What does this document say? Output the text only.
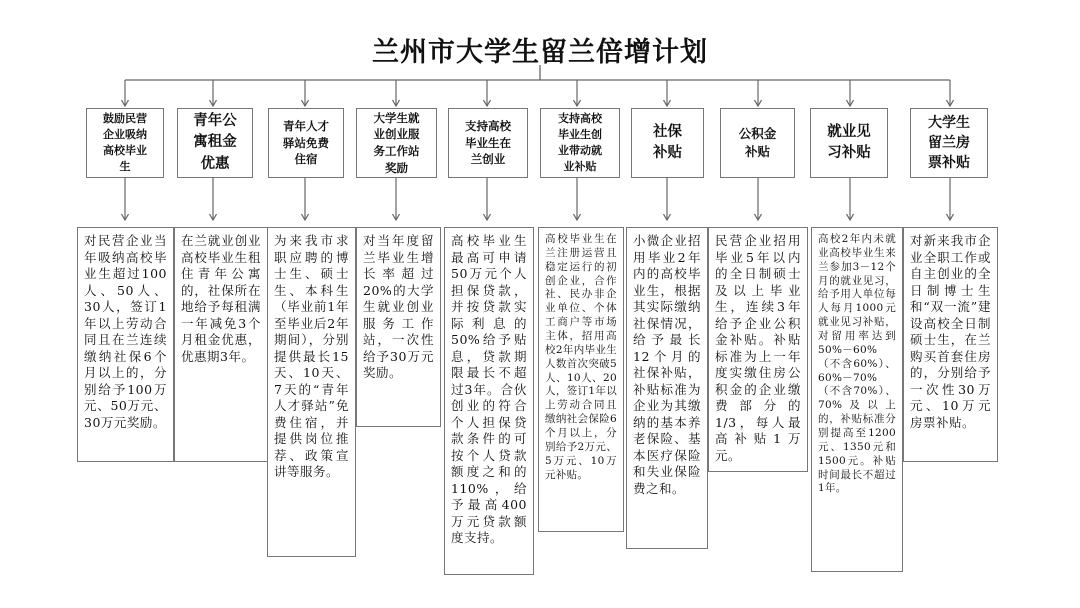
兰州市大学生留兰倍增计划
鼓励民营
企业吸纳
高校毕业
生
青年公
寓租金
优惠
青年人才
驿站免费
住宿
大学生就
业创业服
务工作站
奖励
支持高校
毕业生在
兰创业
支持高校
毕业生创
业带动就
业补贴
社保
补贴
公积金
补贴
就业见
习补贴
大学生
留兰房
票补贴
对民营企业当年吸纳高校毕业生超过100人、50人、30人，签订1年以上劳动合同且在兰连续缴纳社保6个月以上的，分别给予100万元、50万元、30万元奖励。
在兰就业创业高校毕业生租住青年公寓的，社保所在地给予每租满一年减免3个月租金优惠，优惠期3年。
为来我市求职应聘的博士生、硕士生、本科生（毕业前1年至毕业后2年期间），分别提供最长15天、10天、7天的“青年人才驿站”免费住宿，并提供岗位推荐、政策宣讲等服务。
对当年度留兰毕业生增长率超过20%的大学生就业创业服务工作站，一次性给予30万元奖励。
高校毕业生最高可申请50万元个人担保贷款，并按贷款实际利息的50%给予贴息，贷款期限最长不超过3年。合伙创业的符合个人担保贷款条件的可按个人贷款额度之和的110%，给予最高400万元贷款额度支持。
高校毕业生在兰注册运营且稳定运行的初创企业，合作社、民办非企业单位、个体工商户等市场主体，招用高校2年内毕业生人数首次突破5人、10人、20人，签订1年以上劳动合同且缴纳社会保险6个月以上，分别给予2万元、5万元、10万元补贴。
小微企业招用毕业2年内的高校毕业生，根据其实际缴纳社保情况，给予最长12个月的社保补贴，补贴标准为企业为其缴纳的基本养老保险、基本医疗保险和失业保险费之和。
民营企业招用毕业5年以内的全日制硕士及以上毕业生，连续3年给予企业公积金补贴。补贴标准为上一年度实缴住房公积金的企业缴费部分的1/3，每人最高补贴1万元。
高校2年内未就业高校毕业生来兰参加3－12个月的就业见习，给予用人单位每人每月1000元就业见习补贴，对留用率达到50%－60%（不含60%）、60%－70%（不含70%）、70%及以上的，补贴标准分别提高至1200元、1350元和1500元。补贴时间最长不超过1年。
对新来我市企业全职工作或自主创业的全日制博士生和“双一流”建设高校全日制硕士生，在兰购买首套住房的，分别给予一次性30万元、10万元房票补贴。
